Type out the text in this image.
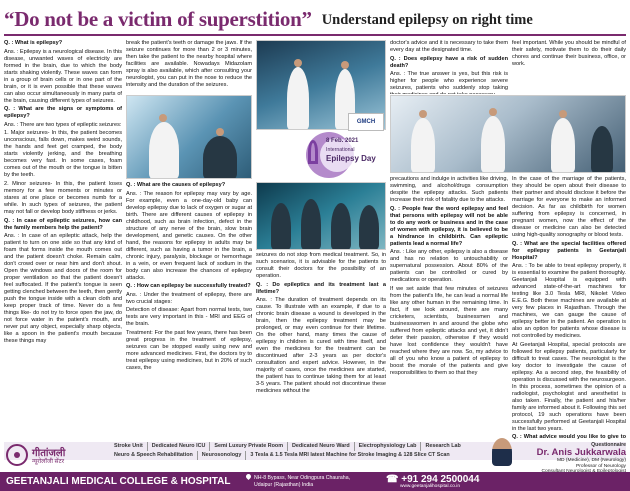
“Do not be a victim of superstition” Understand epilepsy on right time
GMCH
8 Feb. 2021
International
Epilepsy Day

Q. : What is epilepsy?

Ans. : Epilepsy is a neurological disease. In this disease, unwanted waves of electricity are formed in the brain, due to which the body starts shaking violently. These waves can form in a group of brain cells or in one part of the brain, or it is even possible that these waves can also occur simultaneously in many parts of the brain, causing different types of seizures.

Q. : What are the signs or symptoms of epilepsy?

Ans. : There are two types of epileptic seizures:

1. Major seizures- In this, the patient becomes unconscious, falls down, makes weird sounds, the hands and feet get cramped, the body starts violently jerking, and the breathing becomes very fast. In some cases, foam comes out of the mouth or the tongue is bitten by the teeth.

2. Minor seizures- In this, the patient loses memory for a few moments or minutes or stares at one place or becomes numb for a while. In such types of seizures, the patient may not fall or develop body stiffness or jerks.

Q. : In case of epileptic seizures, how can the family members help the patient?

Ans. : In case of an epileptic attack, help the patient to turn on one side so that any kind of foam that forms inside the mouth comes out and the patient doesn't choke. Remain calm, don't crowd over or near him and don't shout. Open the windows and doors of the room for proper ventilation so that the patient doesn't feel suffocated. If the patient's tongue is seen getting clenched between the teeth, then gently push the tongue inside with a clean cloth and keep proper track of time. Never do a few things like- do not try to force open the jaw, do not force water in the patient's mouth, and never put any object, especially sharp objects, like a spoon in the patient's mouth because these things may

Q. : What are the causes of epilepsy?

Ans. : The reason for epilepsy may vary by age. For example, even a one-day-old baby can develop epilepsy due to lack of oxygen or sugar at birth. There are different causes of epilepsy in childhood, such as brain infection, defect in the structure of any nerve of the brain, slow brain development, and genetic causes. On the other hand, the reasons for epilepsy in adults may be different, such as having a tumor in the brain, a chronic injury, paralysis, blockage or hemorrhage in a vein, or even frequent lack of sodium in the body can also increase the chances of epilepsy attacks.

Q. : How can epilepsy be successfully treated?

Ans. : Under the treatment of epilepsy, there are two crucial stages:

Detection of disease: Apart from normal tests, two tests are very important in this - MRI and EEG of the brain.

Treatment: For the past few years, there has been great progress in the treatment of epilepsy, seizures can be stopped easily using new and more advanced medicines. First, the doctors try to treat epilepsy using medicines, but in 20% of such cases, the

break the patient's teeth or damage the jaws. If the seizure continues for more than 2 or 3 minutes, then take the patient to the nearby hospital where facilities are available. Nowadays Midazolam spray is also available, which after consulting your neurologist, you can put in the nose to reduce the intensity and the duration of the seizures.

seizures do not stop from medical treatment. So, in such scenarios, it is advisable for the patients to consult their doctors for the possibility of an operation.

Q. : Do epileptics and its treatment last a lifetime?

Ans. : The duration of treatment depends on its cause. To illustrate with an example, if due to a chronic brain disease a wound is developed in the brain, then the epilepsy treatment may be prolonged, or may even continue for their lifetime. On the other hand, many times the cause of epilepsy in children is cured with time itself, and even the medicines for the treatment can be discontinued after 2-3 years as per doctor's consultation and expert advice. However, in the majority of cases, once the medicines are started, the patient has to continue taking them for at least 3-5 years. The patient should not discontinue these medicines without the

doctor's advice and it is necessary to take them every day at the designated time.

Q. : Does epilepsy have a risk of sudden death?

Ans. : The true answer is yes, but this risk is higher for people who experience severe seizures, patients who suddenly stop taking

precautions and indulge in activities like driving, swimming, and alcohol/drugs consumption despite the epilepsy attacks. Such patients increase their risk of fatality due to the attacks.

Q. : People fear the word epilepsy and feel that persons with epilepsy will not be able to do any work or business and in the case of women with epilepsy, it is believed to be a hindrance in childbirth. Can epileptic patients lead a normal life?

Ans. : Like any other, epilepsy is also a disease and has no relation to untouchability or supernatural possession. About 80% of the patients can be controlled or cured by medications or operation.

If we set aside that few minutes of seizures from the patient's life, he can lead a normal life like any other human in the remaining time. In fact, if we look around, there are many cricketers, scientists, businessmen and businesswomen in and around the globe who suffered from epileptic attacks and yet, it didn't deter their passion, otherwise if they would have lost confidence they wouldn't have reached where they are now. So, my advice to all of you who know a patient of epilepsy to boost the morale of the patients and give responsibilities to them so that they

feel important. While you should be mindful of their safety, motivate them to do their daily chores and continue their business, office, or work.

In the case of the marriage of the patients, they should be open about their disease to their partner and should disclose it before the marriage for everyone to make an informed decision. As far as childbirth for women suffering from epilepsy is concerned, in pregnant women, now the effect of the disease or medicine can also be detected using high-quality sonography or blood tests.

Q. : What are the special facilities offered for epilepsy patients in Geetanjali Hospital?

Ans. : To be able to treat epilepsy properly, it is essential to examine the patient thoroughly. Geetanjali Hospital is equipped with advanced state-of-the-art machines for testing like 3.0 Tesla MRI, Nikolet Video E.E.G. Both these machines are available at very few places in Rajasthan. Through the machines, we can gauge the cause of epilepsy better in the patient. An operation is also an option for patients whose disease is not controlled by medicines.

At Geetanjali Hospital, special protocols are followed for epilepsy patients, particularly for difficult to treat cases. The neurologist is the key doctor to investigate the cause of epilepsy. As a second step, the feasibility of operation is discussed with the neurosurgeon. In this process, sometimes the opinion of a radiologist, psychologist and anesthetist is also taken. Finally, the patient and his/her family are informed about it. Following this set protocol, 19 such operations have been successfully performed at Geetanjali Hospital in the last two years.

Q. : What advice would you like to give to

गीतांजली
न्यूरोलॉजी सेंटर
Stroke Unit	Dedicated Neuro ICU	Semi Luxury Private Room	Dedicated Neuro Ward	Electrophysiology Lab	Research Lab
Neuro & Speech Rehabilitation	Neurosonology	3 Tesla & 1.5 Tesla MRI latest Machine for Stroke Imaging & 128 Slice CT Scan
Questionnaire
Dr. Anis Jukkarwala
MD (Medicine), DM (Neurology)
Professor of Neurology
GEETANJALI MEDICAL COLLEGE & HOSPITAL	NH-8 Bypass, Near Odingpura Chauraha,
Udaipur (Rajasthan) India	☎ +91 294 2500044
www.geetanjalihospital.co.in
